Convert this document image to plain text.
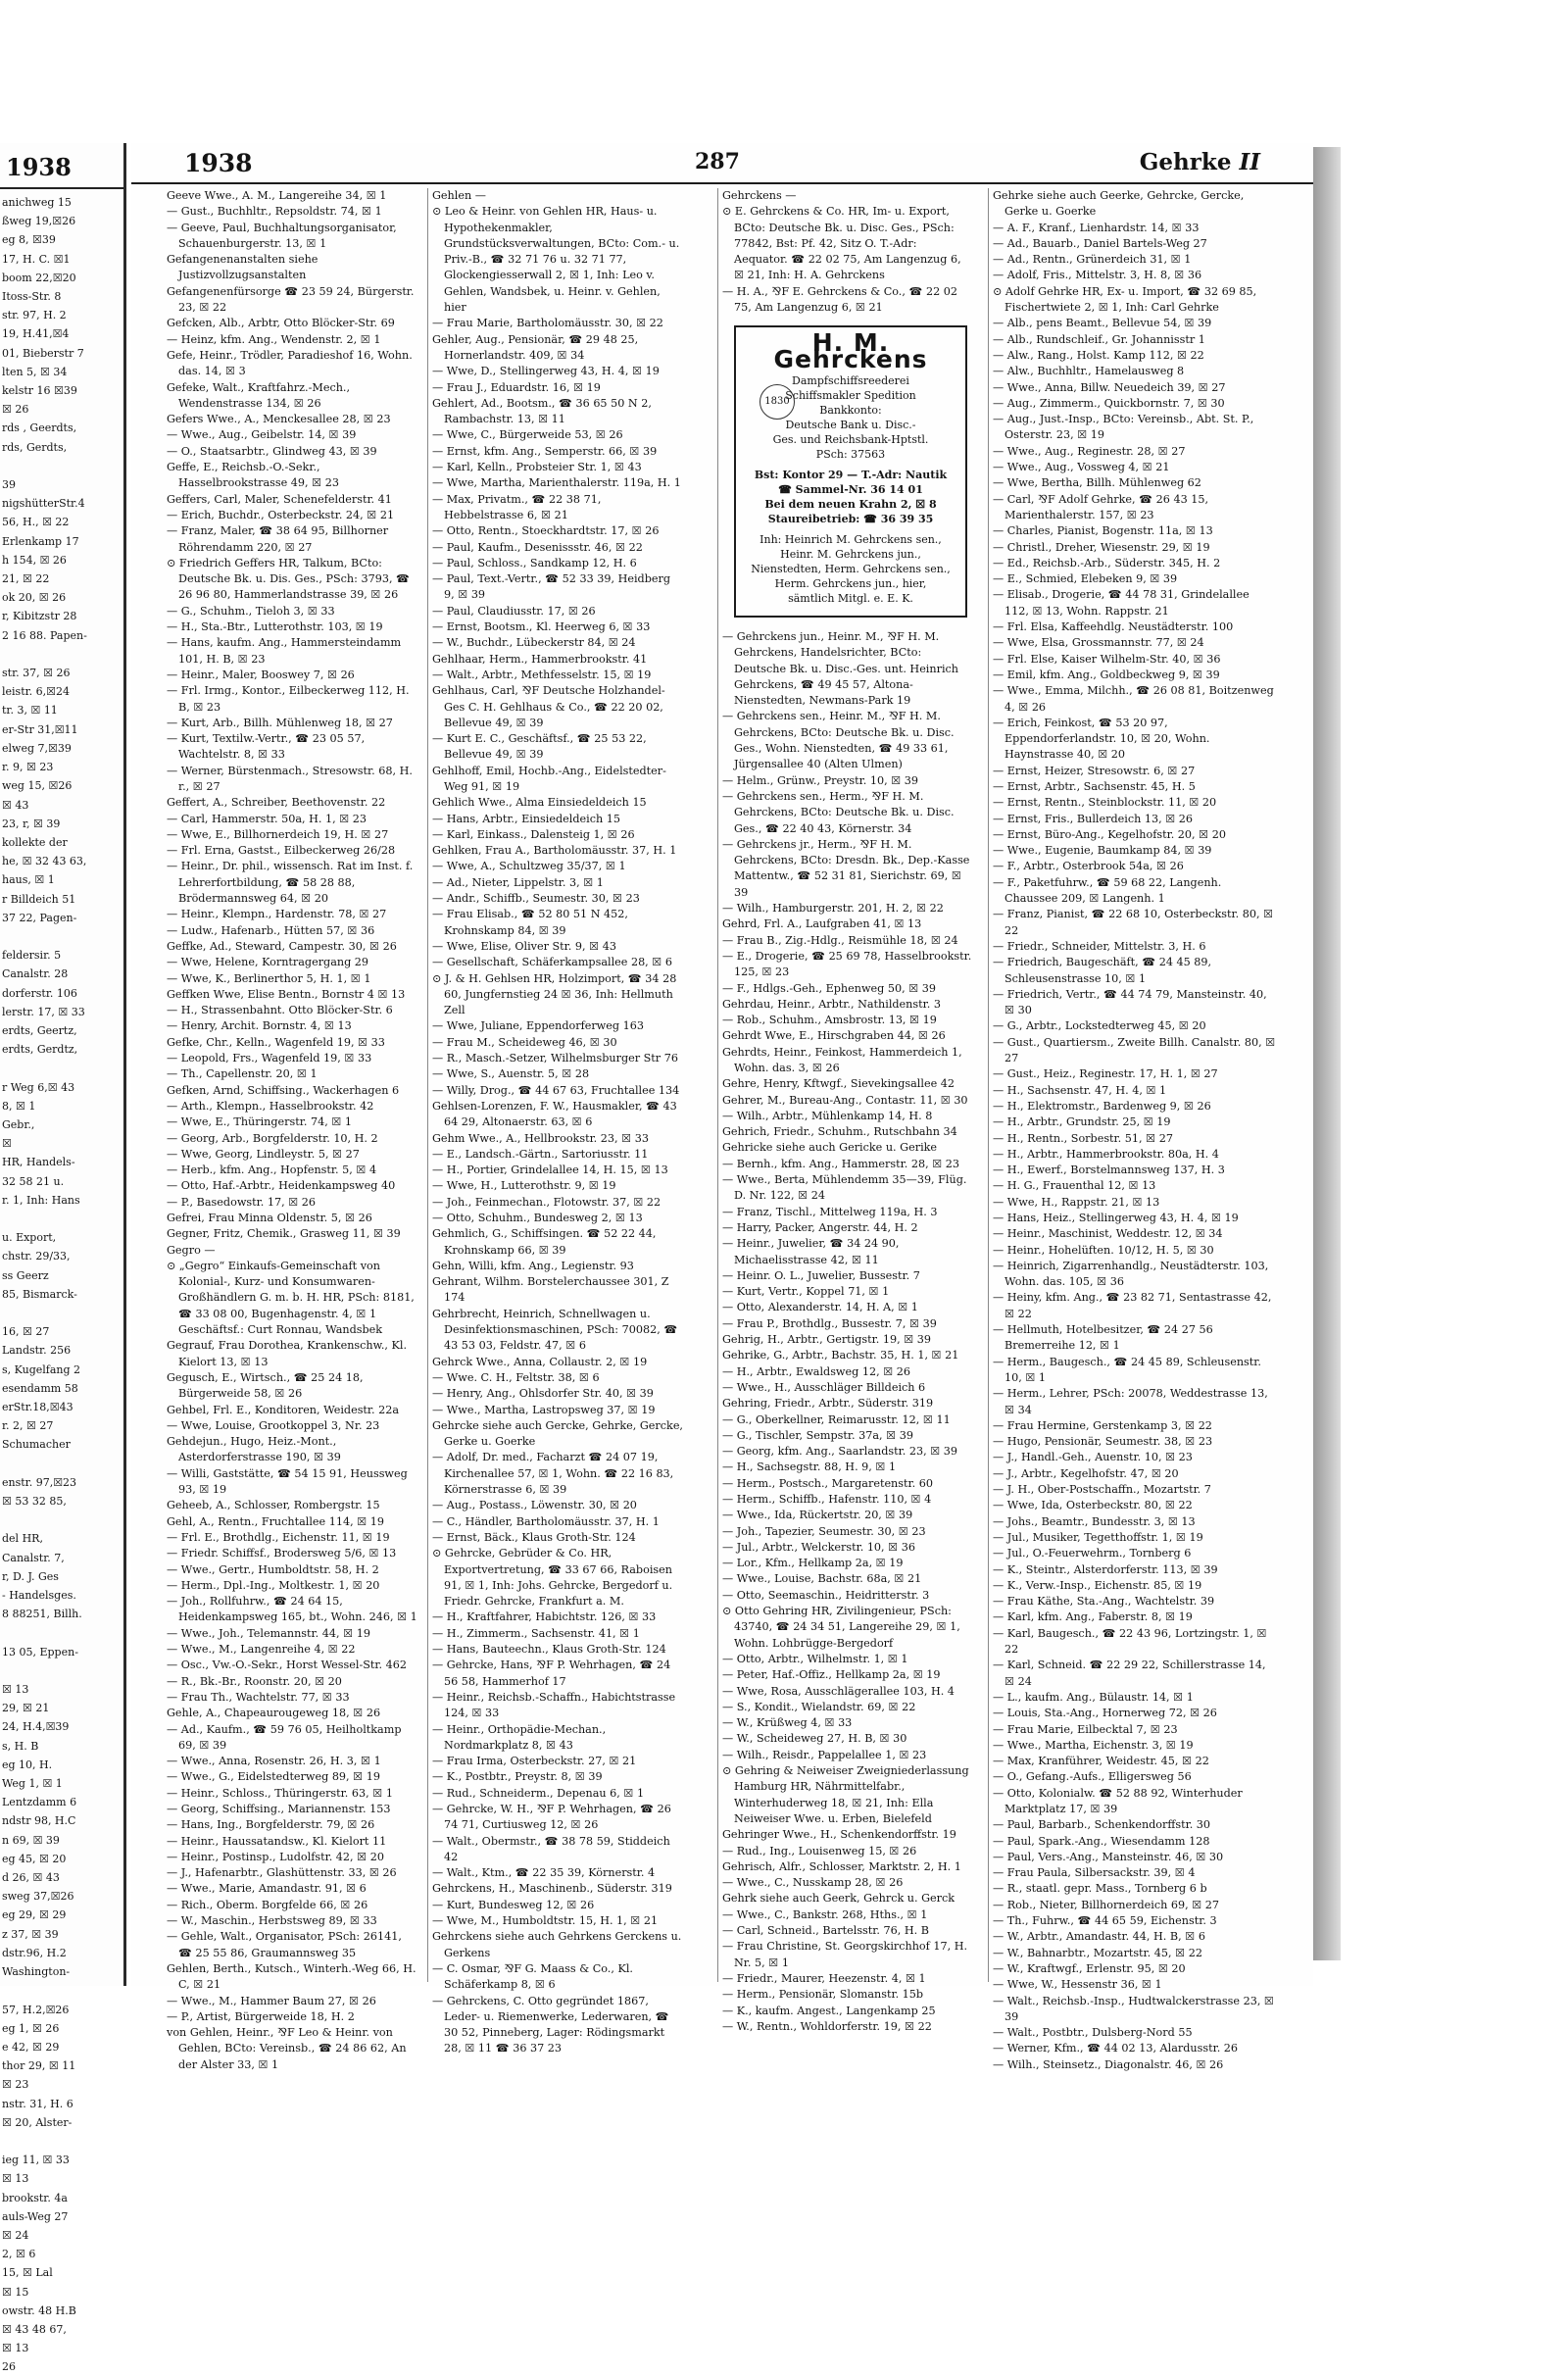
1938
anichweg 15
ßweg 19,☒26
eg 8, ☒39
17, H. C. ☒1
boom 22,☒20
Itoss-Str. 8
str. 97, H. 2
19, H.41,☒4
01, Bieberstr 7
lten 5, ☒ 34
kelstr 16 ☒39
☒ 26
rds , Geerdts,
rds, Gerdts,

39
nigshütterStr.4
56, H., ☒ 22
Erlenkamp 17
h 154, ☒ 26
21, ☒ 22
ok 20, ☒ 26
r, Kibitzstr 28
2 16 88. Papen-

str. 37, ☒ 26
leistr. 6,☒24
tr. 3, ☒ 11
er-Str 31,☒11
elweg 7,☒39
r. 9, ☒ 23
weg 15, ☒26
☒ 43
23, r, ☒ 39
kollekte der
he, ☒ 32 43 63,
haus, ☒ 1
r Billdeich 51
37 22, Pagen-

feldersir. 5
Canalstr. 28
dorferstr. 106
lerstr. 17, ☒ 33
erdts, Geertz,
erdts, Gerdtz,

r Weg 6,☒ 43
8, ☒ 1
Gebr.,
☒
HR, Handels-
32 58 21 u.
r. 1, Inh: Hans

u. Export,
chstr. 29/33,
ss Geerz
85, Bismarck-

16, ☒ 27
Landstr. 256
s, Kugelfang 2
esendamm 58
erStr.18,☒43
r. 2, ☒ 27
Schumacher

enstr. 97,☒23
☒ 53 32 85,

del HR,
Canalstr. 7,
r, D. J. Ges
- Handelsges.
8 88251, Billh.

13 05, Eppen-

☒ 13
29, ☒ 21
24, H.4,☒39
s, H. B
eg 10, H.
Weg 1, ☒ 1
Lentzdamm 6
ndstr 98, H.C
n 69, ☒ 39
eg 45, ☒ 20
d 26, ☒ 43
sweg 37,☒26
eg 29, ☒ 29
z 37, ☒ 39
dstr.96, H.2
Washington-

57, H.2,☒26
eg 1, ☒ 26
e 42, ☒ 29
thor 29, ☒ 11
☒ 23
nstr. 31, H. 6
☒ 20, Alster-

ieg 11, ☒ 33
☒ 13
brookstr. 4a
auls-Weg 27
☒ 24
2, ☒ 6
15, ☒ Lal
☒ 15
owstr. 48 H.B
☒ 43 48 67,
☒ 13
26
1938	287	Gehrke II

Geeve Wwe., A. M., Langereihe 34, ☒ 1

— Gust., Buchhltr., Repsoldstr. 74, ☒ 1

— Geeve, Paul, Buchhaltungsorganisator, Schauenburgerstr. 13, ☒ 1

Gefangenenanstalten siehe Justizvollzugsanstalten

Gefangenenfürsorge ☎ 23 59 24, Bürgerstr. 23, ☒ 22

Gefcken, Alb., Arbtr, Otto Blöcker-Str. 69

— Heinz, kfm. Ang., Wendenstr. 2, ☒ 1

Gefe, Heinr., Trödler, Paradieshof 16, Wohn. das. 14, ☒ 3

Gefeke, Walt., Kraftfahrz.-Mech., Wendenstrasse 134, ☒ 26

Gefers Wwe., A., Menckesallee 28, ☒ 23

— Wwe., Aug., Geibelstr. 14, ☒ 39

— O., Staatsarbtr., Glindweg 43, ☒ 39

Geffe, E., Reichsb.-O.-Sekr., Hasselbrookstrasse 49, ☒ 23

Geffers, Carl, Maler, Schenefelderstr. 41

— Erich, Buchdr., Osterbeckstr. 24, ☒ 21

— Franz, Maler, ☎ 38 64 95, Billhorner Röhrendamm 220, ☒ 27

⊙ Friedrich Geffers HR, Talkum, BCto: Deutsche Bk. u. Dis. Ges., PSch: 3793, ☎ 26 96 80, Hammerlandstrasse 39, ☒ 26

— G., Schuhm., Tieloh 3, ☒ 33

— H., Sta.-Btr., Lutterothstr. 103, ☒ 19

— Hans, kaufm. Ang., Hammersteindamm 101, H. B, ☒ 23

— Heinr., Maler, Booswey 7, ☒ 26

— Frl. Irmg., Kontor., Eilbeckerweg 112, H. B, ☒ 23

— Kurt, Arb., Billh. Mühlenweg 18, ☒ 27

— Kurt, Textilw.-Vertr., ☎ 23 05 57, Wachtelstr. 8, ☒ 33

— Werner, Bürstenmach., Stresowstr. 68, H. r., ☒ 27

Geffert, A., Schreiber, Beethovenstr. 22

— Carl, Hammerstr. 50a, H. 1, ☒ 23

— Wwe, E., Billhornerdeich 19, H. ☒ 27

— Frl. Erna, Gastst., Eilbeckerweg 26/28

— Heinr., Dr. phil., wissensch. Rat im Inst. f. Lehrerfortbildung, ☎ 58 28 88, Brödermannsweg 64, ☒ 20

— Heinr., Klempn., Hardenstr. 78, ☒ 27

— Ludw., Hafenarb., Hütten 57, ☒ 36

Geffke, Ad., Steward, Campestr. 30, ☒ 26

— Wwe, Helene, Korntragergang 29

— Wwe, K., Berlinerthor 5, H. 1, ☒ 1

Geffken Wwe, Elise Bentn., Bornstr 4 ☒ 13

— H., Strassenbahnt. Otto Blöcker-Str. 6

— Henry, Archit. Bornstr. 4, ☒ 13

Gefke, Chr., Kelln., Wagenfeld 19, ☒ 33

— Leopold, Frs., Wagenfeld 19, ☒ 33

— Th., Capellenstr. 20, ☒ 1

Gefken, Arnd, Schiffsing., Wackerhagen 6

— Arth., Klempn., Hasselbrookstr. 42

— Wwe, E., Thüringerstr. 74, ☒ 1

— Georg, Arb., Borgfelderstr. 10, H. 2

— Wwe, Georg, Lindleystr. 5, ☒ 27

— Herb., kfm. Ang., Hopfenstr. 5, ☒ 4

— Otto, Haf.-Arbtr., Heidenkampsweg 40

— P., Basedowstr. 17, ☒ 26

Gefrei, Frau Minna Oldenstr. 5, ☒ 26

Gegner, Fritz, Chemik., Grasweg 11, ☒ 39

Gegro —

⊙ „Gegro“ Einkaufs-Gemeinschaft von Kolonial-, Kurz- und Konsumwaren-Großhändlern G. m. b. H. HR, PSch: 8181, ☎ 33 08 00, Bugenhagenstr. 4, ☒ 1 Geschäftsf.: Curt Ronnau, Wandsbek

Gegrauf, Frau Dorothea, Krankenschw., Kl. Kielort 13, ☒ 13

Gegusch, E., Wirtsch., ☎ 25 24 18, Bürgerweide 58, ☒ 26

Gehbel, Frl. E., Konditoren, Weidestr. 22a

— Wwe, Louise, Grootkoppel 3, Nr. 23

Gehdejun., Hugo, Heiz.-Mont., Asterdorferstrasse 190, ☒ 39

— Willi, Gaststätte, ☎ 54 15 91, Heussweg 93, ☒ 19

Geheeb, A., Schlosser, Rombergstr. 15

Gehl, A., Rentn., Fruchtallee 114, ☒ 19

— Frl. E., Brothdlg., Eichenstr. 11, ☒ 19

— Friedr. Schiffsf., Brodersweg 5/6, ☒ 13

— Wwe., Gertr., Humboldtstr. 58, H. 2

— Herm., Dpl.-Ing., Moltkestr. 1, ☒ 20

— Joh., Rollfuhrw., ☎ 24 64 15, Heidenkampsweg 165, bt., Wohn. 246, ☒ 1

— Wwe., Joh., Telemannstr. 44, ☒ 19

— Wwe., M., Langenreihe 4, ☒ 22

— Osc., Vw.-O.-Sekr., Horst Wessel-Str. 462

— R., Bk.-Br., Roonstr. 20, ☒ 20

— Frau Th., Wachtelstr. 77, ☒ 33

Gehle, A., Chapeaurougeweg 18, ☒ 26

— Ad., Kaufm., ☎ 59 76 05, Heilholtkamp 69, ☒ 39

— Wwe., Anna, Rosenstr. 26, H. 3, ☒ 1

— Wwe., G., Eidelstedterweg 89, ☒ 19

— Heinr., Schloss., Thüringerstr. 63, ☒ 1

— Georg, Schiffsing., Mariannenstr. 153

— Hans, Ing., Borgfelderstr. 79, ☒ 26

— Heinr., Haussatandsw., Kl. Kielort 11

— Heinr., Postinsp., Ludolfstr. 42, ☒ 20

— J., Hafenarbtr., Glashüttenstr. 33, ☒ 26

— Wwe., Marie, Amandastr. 91, ☒ 6

— Rich., Oberm. Borgfelde 66, ☒ 26

— W., Maschin., Herbstsweg 89, ☒ 33

— Gehle, Walt., Organisator, PSch: 26141, ☎ 25 55 86, Graumannsweg 35

Gehlen, Berth., Kutsch., Winterh.-Weg 66, H. C, ☒ 21

— Wwe., M., Hammer Baum 27, ☒ 26

— P., Artist, Bürgerweide 18, H. 2

von Gehlen, Heinr., ⅋F Leo & Heinr. von Gehlen, BCto: Vereinsb., ☎ 24 86 62, An der Alster 33, ☒ 1

Gehlen —

⊙ Leo & Heinr. von Gehlen HR, Haus- u. Hypothekenmakler, Grundstücksverwaltungen, BCto: Com.- u. Priv.-B., ☎ 32 71 76 u. 32 71 77, Glockengiesserwall 2, ☒ 1, Inh: Leo v. Gehlen, Wandsbek, u. Heinr. v. Gehlen, hier

— Frau Marie, Bartholomäusstr. 30, ☒ 22

Gehler, Aug., Pensionär, ☎ 29 48 25, Hornerlandstr. 409, ☒ 34

— Wwe, D., Stellingerweg 43, H. 4, ☒ 19

— Frau J., Eduardstr. 16, ☒ 19

Gehlert, Ad., Bootsm., ☎ 36 65 50 N 2, Rambachstr. 13, ☒ 11

— Wwe, C., Bürgerweide 53, ☒ 26

— Ernst, kfm. Ang., Semperstr. 66, ☒ 39

— Karl, Kelln., Probsteier Str. 1, ☒ 43

— Wwe, Martha, Marienthalerstr. 119a, H. 1

— Max, Privatm., ☎ 22 38 71, Hebbelstrasse 6, ☒ 21

— Otto, Rentn., Stoeckhardtstr. 17, ☒ 26

— Paul, Kaufm., Desenissstr. 46, ☒ 22

— Paul, Schloss., Sandkamp 12, H. 6

— Paul, Text.-Vertr., ☎ 52 33 39, Heidberg 9, ☒ 39

— Paul, Claudiusstr. 17, ☒ 26

— Ernst, Bootsm., Kl. Heerweg 6, ☒ 33

— W., Buchdr., Lübeckerstr 84, ☒ 24

Gehlhaar, Herm., Hammerbrookstr. 41

— Walt., Arbtr., Methfesselstr. 15, ☒ 19

Gehlhaus, Carl, ⅋F Deutsche Holzhandel-Ges C. H. Gehlhaus & Co., ☎ 22 20 02, Bellevue 49, ☒ 39

— Kurt E. C., Geschäftsf., ☎ 25 53 22, Bellevue 49, ☒ 39

Gehlhoff, Emil, Hochb.-Ang., Eidelstedter-Weg 91, ☒ 19

Gehlich Wwe., Alma Einsiedeldeich 15

— Hans, Arbtr., Einsiedeldeich 15

— Karl, Einkass., Dalensteig 1, ☒ 26

Gehlken, Frau A., Bartholomäusstr. 37, H. 1

— Wwe, A., Schultzweg 35/37, ☒ 1

— Ad., Nieter, Lippelstr. 3, ☒ 1

— Andr., Schiffb., Seumestr. 30, ☒ 23

— Frau Elisab., ☎ 52 80 51 N 452, Krohnskamp 84, ☒ 39

— Wwe, Elise, Oliver Str. 9, ☒ 43

— Gesellschaft, Schäferkampsallee 28, ☒ 6

⊙ J. & H. Gehlsen HR, Holzimport, ☎ 34 28 60, Jungfernstieg 24 ☒ 36, Inh: Hellmuth Zell

— Wwe, Juliane, Eppendorferweg 163

— Frau M., Scheideweg 46, ☒ 30

— R., Masch.-Setzer, Wilhelmsburger Str 76

— Wwe, S., Auenstr. 5, ☒ 28

— Willy, Drog., ☎ 44 67 63, Fruchtallee 134

Gehlsen-Lorenzen, F. W., Hausmakler, ☎ 43 64 29, Altonaerstr. 63, ☒ 6

Gehm Wwe., A., Hellbrookstr. 23, ☒ 33

— E., Landsch.-Gärtn., Sartoriusstr. 11

— H., Portier, Grindelallee 14, H. 15, ☒ 13

— Wwe, H., Lutterothstr. 9, ☒ 19

— Joh., Feinmechan., Flotowstr. 37, ☒ 22

— Otto, Schuhm., Bundesweg 2, ☒ 13

Gehmlich, G., Schiffsingen. ☎ 52 22 44, Krohnskamp 66, ☒ 39

Gehn, Willi, kfm. Ang., Legienstr. 93

Gehrant, Wilhm. Borstelerchaussee 301, Z 174

Gehrbrecht, Heinrich, Schnellwagen u. Desinfektionsmaschinen, PSch: 70082, ☎ 43 53 03, Feldstr. 47, ☒ 6

Gehrck Wwe., Anna, Collaustr. 2, ☒ 19

— Wwe. C. H., Feltstr. 38, ☒ 6

— Henry, Ang., Ohlsdorfer Str. 40, ☒ 39

— Wwe., Martha, Lastropsweg 37, ☒ 19

Gehrcke siehe auch Gercke, Gehrke, Gercke, Gerke u. Goerke

— Adolf, Dr. med., Facharzt ☎ 24 07 19, Kirchenallee 57, ☒ 1, Wohn. ☎ 22 16 83, Körnerstrasse 6, ☒ 39

— Aug., Postass., Löwenstr. 30, ☒ 20

— C., Händler, Bartholomäusstr. 37, H. 1

— Ernst, Bäck., Klaus Groth-Str. 124

⊙ Gehrcke, Gebrüder & Co. HR, Exportvertretung, ☎ 33 67 66, Raboisen 91, ☒ 1, Inh: Johs. Gehrcke, Bergedorf u. Friedr. Gehrcke, Frankfurt a. M.

— H., Kraftfahrer, Habichtstr. 126, ☒ 33

— H., Zimmerm., Sachsenstr. 41, ☒ 1

— Hans, Bauteechn., Klaus Groth-Str. 124

— Gehrcke, Hans, ⅋F P. Wehrhagen, ☎ 24 56 58, Hammerhof 17

— Heinr., Reichsb.-Schaffn., Habichtstrasse 124, ☒ 33

— Heinr., Orthopädie-Mechan., Nordmarkplatz 8, ☒ 43

— Frau Irma, Osterbeckstr. 27, ☒ 21

— K., Postbtr., Preystr. 8, ☒ 39

— Rud., Schneiderm., Depenau 6, ☒ 1

— Gehrcke, W. H., ⅋F P. Wehrhagen, ☎ 26 74 71, Curtiusweg 12, ☒ 26

— Walt., Obermstr., ☎ 38 78 59, Stiddeich 42

— Walt., Ktm., ☎ 22 35 39, Körnerstr. 4

Gehrckens, H., Maschinenb., Süderstr. 319

— Kurt, Bundesweg 12, ☒ 26

— Wwe, M., Humboldtstr. 15, H. 1, ☒ 21

Gehrckens siehe auch Gehrkens Gerckens u. Gerkens

— C. Osmar, ⅋F G. Maass & Co., Kl. Schäferkamp 8, ☒ 6

— Gehrckens, C. Otto gegründet 1867, Leder- u. Riemenwerke, Lederwaren, ☎ 30 52, Pinneberg, Lager: Rödingsmarkt 28, ☒ 11 ☎ 36 37 23

Gehrckens —

⊙ E. Gehrckens & Co. HR, Im- u. Export, BCto: Deutsche Bk. u. Disc. Ges., PSch: 77842, Bst: Pf. 42, Sitz O. T.-Adr: Aequator. ☎ 22 02 75, Am Langenzug 6, ☒ 21, Inh: H. A. Gehrckens

— H. A., ⅋F E. Gehrckens & Co., ☎ 22 02 75, Am Langenzug 6, ☒ 21

H. M. Gehrckens
1830
Dampfschiffsreederei
Schiffsmakler Spedition
Bankkonto:
Deutsche Bank u. Disc.-
Ges. und Reichsbank-Hptstl.
PSch: 37563
Bst: Kontor 29 — T.-Adr: Nautik
☎ Sammel-Nr. 36 14 01
Bei dem neuen Krahn 2, ☒ 8
Staureibetrieb: ☎ 36 39 35
Inh: Heinrich M. Gehrckens sen.,
Heinr. M. Gehrckens jun., Nienstedten, Herm. Gehrckens sen.,
Herm. Gehrckens jun., hier,
sämtlich Mitgl. e. E. K.

— Gehrckens jun., Heinr. M., ⅋F H. M. Gehrckens, Handelsrichter, BCto: Deutsche Bk. u. Disc.-Ges. unt. Heinrich Gehrckens, ☎ 49 45 57, Altona-Nienstedten, Newmans-Park 19

— Gehrckens sen., Heinr. M., ⅋F H. M. Gehrckens, BCto: Deutsche Bk. u. Disc. Ges., Wohn. Nienstedten, ☎ 49 33 61, Jürgensallee 40 (Alten Ulmen)

— Helm., Grünw., Preystr. 10, ☒ 39

— Gehrckens sen., Herm., ⅋F H. M. Gehrckens, BCto: Deutsche Bk. u. Disc. Ges., ☎ 22 40 43, Körnerstr. 34

— Gehrckens jr., Herm., ⅋F H. M. Gehrckens, BCto: Dresdn. Bk., Dep.-Kasse Mattentw., ☎ 52 31 81, Sierichstr. 69, ☒ 39

— Wilh., Hamburgerstr. 201, H. 2, ☒ 22

Gehrd, Frl. A., Laufgraben 41, ☒ 13

— Frau B., Zig.-Hdlg., Reismühle 18, ☒ 24

— E., Drogerie, ☎ 25 69 78, Hasselbrookstr. 125, ☒ 23

— F., Hdlgs.-Geh., Ephenweg 50, ☒ 39

Gehrdau, Heinr., Arbtr., Nathildenstr. 3

— Rob., Schuhm., Amsbrostr. 13, ☒ 19

Gehrdt Wwe, E., Hirschgraben 44, ☒ 26

Gehrdts, Heinr., Feinkost, Hammerdeich 1, Wohn. das. 3, ☒ 26

Gehre, Henry, Kftwgf., Sievekingsallee 42

Gehrer, M., Bureau-Ang., Contastr. 11, ☒ 30

— Wilh., Arbtr., Mühlenkamp 14, H. 8

Gehrich, Friedr., Schuhm., Rutschbahn 34

Gehricke siehe auch Gericke u. Gerike

— Bernh., kfm. Ang., Hammerstr. 28, ☒ 23

— Wwe., Berta, Mühlendemm 35—39, Flüg. D. Nr. 122, ☒ 24

— Franz, Tischl., Mittelweg 119a, H. 3

— Harry, Packer, Angerstr. 44, H. 2

— Heinr., Juwelier, ☎ 34 24 90, Michaelisstrasse 42, ☒ 11

— Heinr. O. L., Juwelier, Bussestr. 7

— Kurt, Vertr., Koppel 71, ☒ 1

— Otto, Alexanderstr. 14, H. A, ☒ 1

— Frau P., Brothdlg., Bussestr. 7, ☒ 39

Gehrig, H., Arbtr., Gertigstr. 19, ☒ 39

Gehrike, G., Arbtr., Bachstr. 35, H. 1, ☒ 21

— H., Arbtr., Ewaldsweg 12, ☒ 26

— Wwe., H., Ausschläger Billdeich 6

Gehring, Friedr., Arbtr., Süderstr. 319

— G., Oberkellner, Reimarusstr. 12, ☒ 11

— G., Tischler, Sempstr. 37a, ☒ 39

— Georg, kfm. Ang., Saarlandstr. 23, ☒ 39

— H., Sachsegstr. 88, H. 9, ☒ 1

— Herm., Postsch., Margaretenstr. 60

— Herm., Schiffb., Hafenstr. 110, ☒ 4

— Wwe., Ida, Rückertstr. 20, ☒ 39

— Joh., Tapezier, Seumestr. 30, ☒ 23

— Jul., Arbtr., Welckerstr. 10, ☒ 36

— Lor., Kfm., Hellkamp 2a, ☒ 19

— Wwe., Louise, Bachstr. 68a, ☒ 21

— Otto, Seemaschin., Heidritterstr. 3

⊙ Otto Gehring HR, Zivilingenieur, PSch: 43740, ☎ 24 34 51, Langereihe 29, ☒ 1, Wohn. Lohbrügge-Bergedorf

— Otto, Arbtr., Wilhelmstr. 1, ☒ 1

— Peter, Haf.-Offiz., Hellkamp 2a, ☒ 19

— Wwe, Rosa, Ausschlägerallee 103, H. 4

— S., Kondit., Wielandstr. 69, ☒ 22

— W., Krüßweg 4, ☒ 33

— W., Scheideweg 27, H. B, ☒ 30

— Wilh., Reisdr., Pappelallee 1, ☒ 23

⊙ Gehring & Neiweiser Zweigniederlassung Hamburg HR, Nährmittelfabr., Winterhuderweg 18, ☒ 21, Inh: Ella Neiweiser Wwe. u. Erben, Bielefeld

Gehringer Wwe., H., Schenkendorffstr. 19

— Rud., Ing., Louisenweg 15, ☒ 26

Gehrisch, Alfr., Schlosser, Marktstr. 2, H. 1

— Wwe., C., Nusskamp 28, ☒ 26

Gehrk siehe auch Geerk, Gehrck u. Gerck

— Wwe., C., Bankstr. 268, Hths., ☒ 1

— Carl, Schneid., Bartelsstr. 76, H. B

— Frau Christine, St. Georgskirchhof 17, H. Nr. 5, ☒ 1

— Friedr., Maurer, Heezenstr. 4, ☒ 1

— Herm., Pensionär, Slomanstr. 15b

— K., kaufm. Angest., Langenkamp 25

— W., Rentn., Wohldorferstr. 19, ☒ 22

Gehrke siehe auch Geerke, Gehrcke, Gercke, Gerke u. Goerke

— A. F., Kranf., Lienhardstr. 14, ☒ 33

— Ad., Bauarb., Daniel Bartels-Weg 27

— Ad., Rentn., Grünerdeich 31, ☒ 1

— Adolf, Fris., Mittelstr. 3, H. 8, ☒ 36

⊙ Adolf Gehrke HR, Ex- u. Import, ☎ 32 69 85, Fischertwiete 2, ☒ 1, Inh: Carl Gehrke

— Alb., pens Beamt., Bellevue 54, ☒ 39

— Alb., Rundschleif., Gr. Johannisstr 1

— Alw., Rang., Holst. Kamp 112, ☒ 22

— Alw., Buchhltr., Hamelausweg 8

— Wwe., Anna, Billw. Neuedeich 39, ☒ 27

— Aug., Zimmerm., Quickbornstr. 7, ☒ 30

— Aug., Just.-Insp., BCto: Vereinsb., Abt. St. P., Osterstr. 23, ☒ 19

— Wwe., Aug., Reginestr. 28, ☒ 27

— Wwe., Aug., Vossweg 4, ☒ 21

— Wwe, Bertha, Billh. Mühlenweg 62

— Carl, ⅋F Adolf Gehrke, ☎ 26 43 15, Marienthalerstr. 157, ☒ 23

— Charles, Pianist, Bogenstr. 11a, ☒ 13

— Christl., Dreher, Wiesenstr. 29, ☒ 19

— Ed., Reichsb.-Arb., Süderstr. 345, H. 2

— E., Schmied, Elebeken 9, ☒ 39

— Elisab., Drogerie, ☎ 44 78 31, Grindelallee 112, ☒ 13, Wohn. Rappstr. 21

— Frl. Elsa, Kaffeehdlg. Neustädterstr. 100

— Wwe, Elsa, Grossmannstr. 77, ☒ 24

— Frl. Else, Kaiser Wilhelm-Str. 40, ☒ 36

— Emil, kfm. Ang., Goldbeckweg 9, ☒ 39

— Wwe., Emma, Milchh., ☎ 26 08 81, Boitzenweg 4, ☒ 26

— Erich, Feinkost, ☎ 53 20 97, Eppendorferlandstr. 10, ☒ 20, Wohn. Haynstrasse 40, ☒ 20

— Ernst, Heizer, Stresowstr. 6, ☒ 27

— Ernst, Arbtr., Sachsenstr. 45, H. 5

— Ernst, Rentn., Steinblockstr. 11, ☒ 20

— Ernst, Fris., Bullerdeich 13, ☒ 26

— Ernst, Büro-Ang., Kegelhofstr. 20, ☒ 20

— Wwe., Eugenie, Baumkamp 84, ☒ 39

— F., Arbtr., Osterbrook 54a, ☒ 26

— F., Paketfuhrw., ☎ 59 68 22, Langenh. Chaussee 209, ☒ Langenh. 1

— Franz, Pianist, ☎ 22 68 10, Osterbeckstr. 80, ☒ 22

— Friedr., Schneider, Mittelstr. 3, H. 6

— Friedrich, Baugeschäft, ☎ 24 45 89, Schleusenstrasse 10, ☒ 1

— Friedrich, Vertr., ☎ 44 74 79, Mansteinstr. 40, ☒ 30

— G., Arbtr., Lockstedterweg 45, ☒ 20

— Gust., Quartiersm., Zweite Billh. Canalstr. 80, ☒ 27

— Gust., Heiz., Reginestr. 17, H. 1, ☒ 27

— H., Sachsenstr. 47, H. 4, ☒ 1

— H., Elektromstr., Bardenweg 9, ☒ 26

— H., Arbtr., Grundstr. 25, ☒ 19

— H., Rentn., Sorbestr. 51, ☒ 27

— H., Arbtr., Hammerbrookstr. 80a, H. 4

— H., Ewerf., Borstelmannsweg 137, H. 3

— H. G., Frauenthal 12, ☒ 13

— Wwe, H., Rappstr. 21, ☒ 13

— Hans, Heiz., Stellingerweg 43, H. 4, ☒ 19

— Heinr., Maschinist, Weddestr. 12, ☒ 34

— Heinr., Hohelüften. 10/12, H. 5, ☒ 30

— Heinrich, Zigarrenhandlg., Neustädterstr. 103, Wohn. das. 105, ☒ 36

— Heiny, kfm. Ang., ☎ 23 82 71, Sentastrasse 42, ☒ 22

— Hellmuth, Hotelbesitzer, ☎ 24 27 56 Bremerreihe 12, ☒ 1

— Herm., Baugesch., ☎ 24 45 89, Schleusenstr. 10, ☒ 1

— Herm., Lehrer, PSch: 20078, Weddestrasse 13, ☒ 34

— Frau Hermine, Gerstenkamp 3, ☒ 22

— Hugo, Pensionär, Seumestr. 38, ☒ 23

— J., Handl.-Geh., Auenstr. 10, ☒ 23

— J., Arbtr., Kegelhofstr. 47, ☒ 20

— J. H., Ober-Postschaffn., Mozartstr. 7

— Wwe, Ida, Osterbeckstr. 80, ☒ 22

— Johs., Beamtr., Bundesstr. 3, ☒ 13

— Jul., Musiker, Tegetthoffstr. 1, ☒ 19

— Jul., O.-Feuerwehrm., Tornberg 6

— K., Steintr., Alsterdorferstr. 113, ☒ 39

— K., Verw.-Insp., Eichenstr. 85, ☒ 19

— Frau Käthe, Sta.-Ang., Wachtelstr. 39

— Karl, kfm. Ang., Faberstr. 8, ☒ 19

— Karl, Baugesch., ☎ 22 43 96, Lortzingstr. 1, ☒ 22

— Karl, Schneid. ☎ 22 29 22, Schillerstrasse 14, ☒ 24

— L., kaufm. Ang., Bülaustr. 14, ☒ 1

— Louis, Sta.-Ang., Hornerweg 72, ☒ 26

— Frau Marie, Eilbecktal 7, ☒ 23

— Wwe., Martha, Eichenstr. 3, ☒ 19

— Max, Kranführer, Weidestr. 45, ☒ 22

— O., Gefang.-Aufs., Elligersweg 56

— Otto, Kolonialw. ☎ 52 88 92, Winterhuder Marktplatz 17, ☒ 39

— Paul, Barbarb., Schenkendorffstr. 30

— Paul, Spark.-Ang., Wiesendamm 128

— Paul, Vers.-Ang., Mansteinstr. 46, ☒ 30

— Frau Paula, Silbersackstr. 39, ☒ 4

— R., staatl. gepr. Mass., Tornberg 6 b

— Rob., Nieter, Billhornerdeich 69, ☒ 27

— Th., Fuhrw., ☎ 44 65 59, Eichenstr. 3

— W., Arbtr., Amandastr. 44, H. B, ☒ 6

— W., Bahnarbtr., Mozartstr. 45, ☒ 22

— W., Kraftwgf., Erlenstr. 95, ☒ 20

— Wwe, W., Hessenstr 36, ☒ 1

— Walt., Reichsb.-Insp., Hudtwalckerstrasse 23, ☒ 39

— Walt., Postbtr., Dulsberg-Nord 55

— Werner, Kfm., ☎ 44 02 13, Alardusstr. 26

— Wilh., Steinsetz., Diagonalstr. 46, ☒ 26
